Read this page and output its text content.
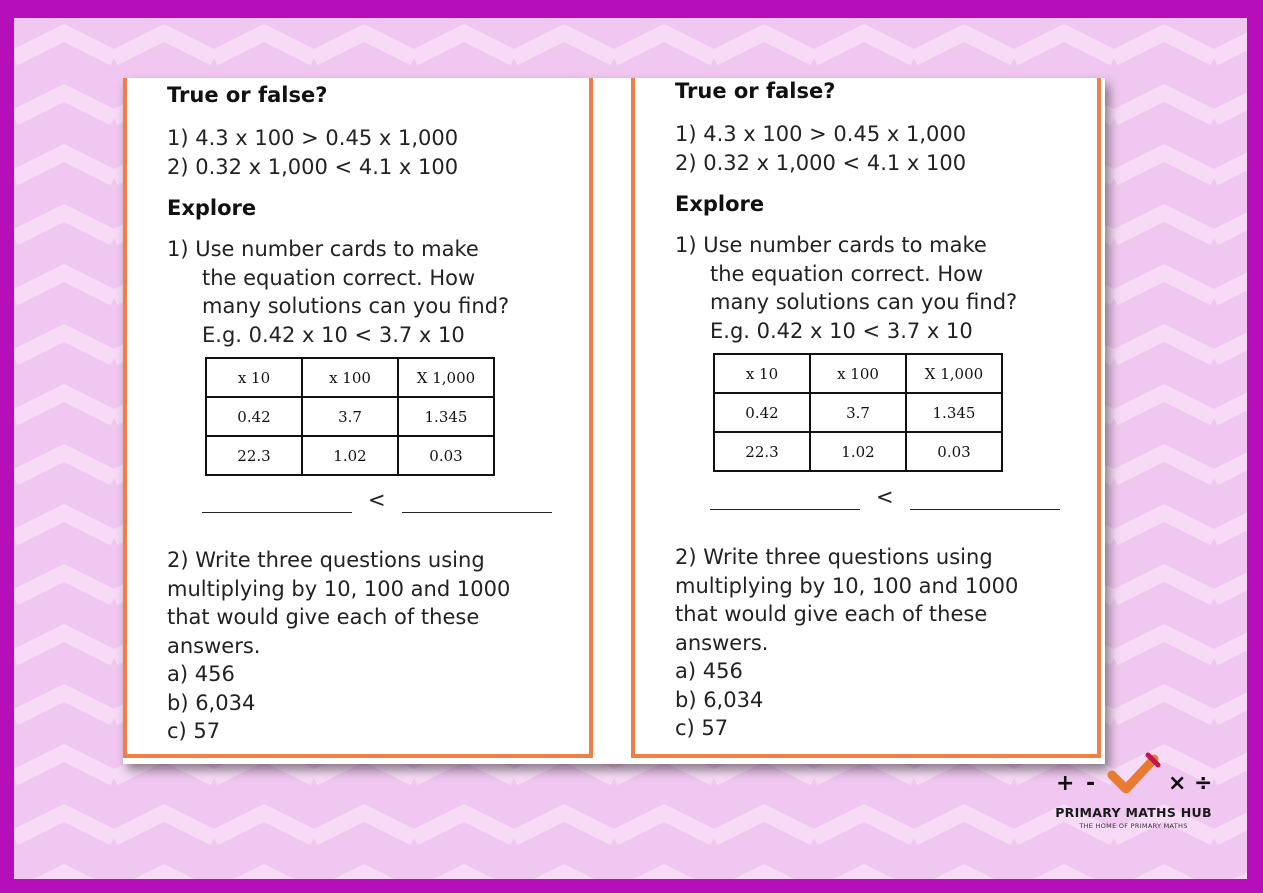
True or false?

1) 4.3 x 100 > 0.45 x 1,000

2) 0.32 x 1,000 < 4.1 x 100

Explore

1) Use number cards to make

the equation correct. How

many solutions can you find?

E.g. 0.42 x 10 < 3.7 x 10

x 10	x 100	X 1,000
0.42	3.7	1.345
22.3	1.02	0.03
<

2) Write three questions using

multiplying by 10, 100 and 1000

that would give each of these

answers.

a) 456

b) 6,034

c) 57

True or false?

1) 4.3 x 100 > 0.45 x 1,000

2) 0.32 x 1,000 < 4.1 x 100

Explore

1) Use number cards to make

the equation correct. How

many solutions can you find?

E.g. 0.42 x 10 < 3.7 x 10

x 10	x 100	X 1,000
0.42	3.7	1.345
22.3	1.02	0.03
<

2) Write three questions using

multiplying by 10, 100 and 1000

that would give each of these

answers.

a) 456

b) 6,034

c) 57

+ -	× ÷
PRIMARY MATHS HUB
THE HOME OF PRIMARY MATHS
